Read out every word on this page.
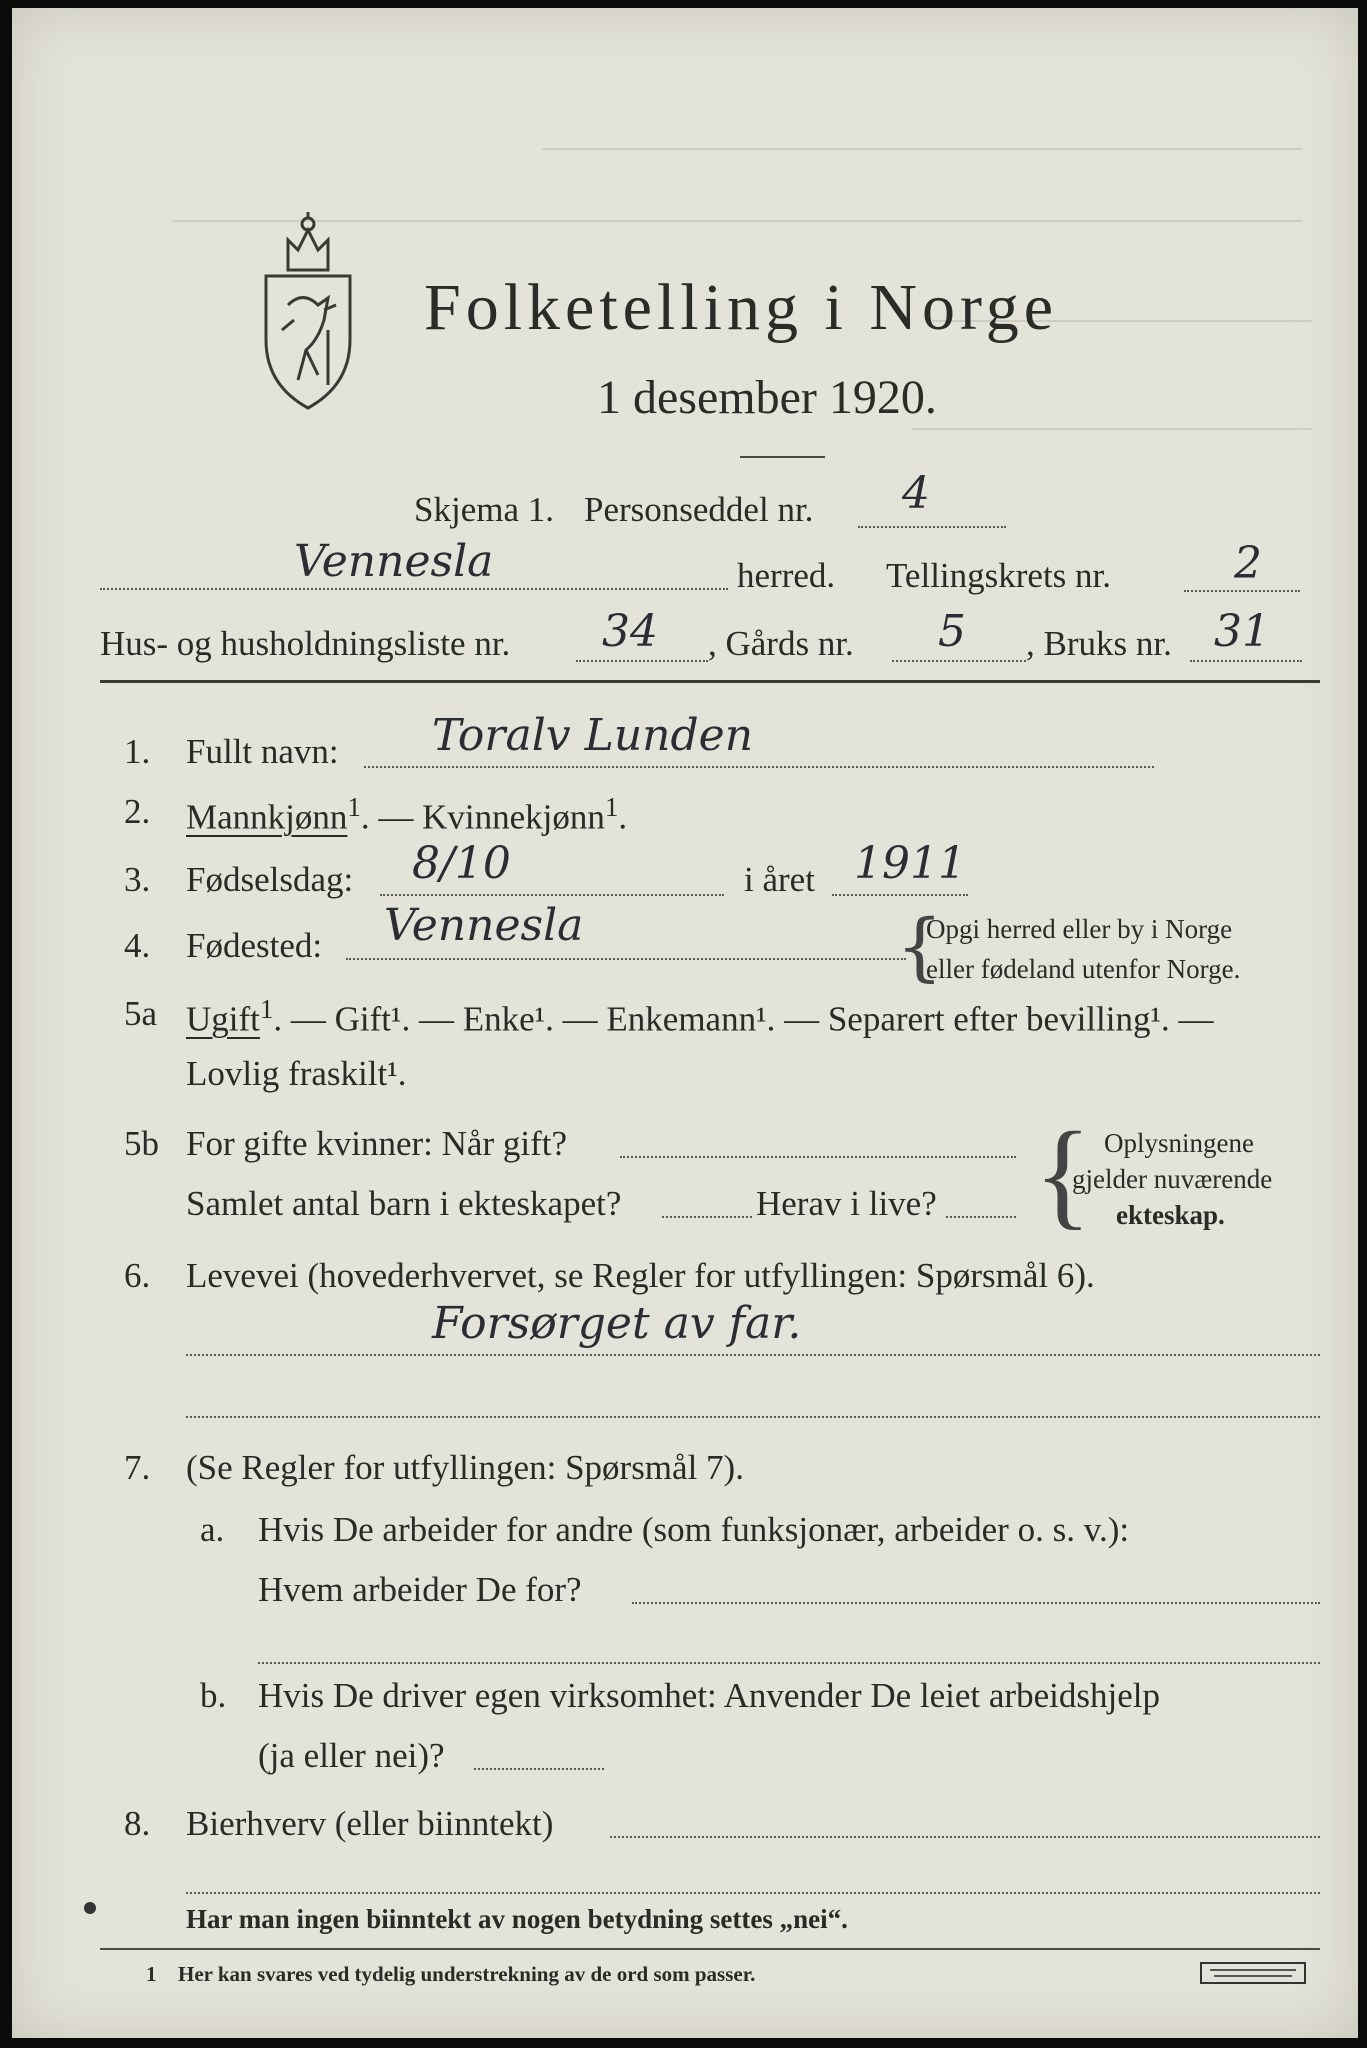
Folketelling i Norge
1 desember 1920.
Skjema 1. Personseddel nr. 4
Vennesla	herred. Tellingskrets nr.	2
Hus- og husholdningsliste nr. 34 , Gårds nr. 5 , Bruks nr. 31
1. Fullt navn: Toralv Lunden
2. Mannkjønn$^1$. — Kvinnekjønn$^1$.
3. Fødselsdag: 8/10	i året 1911
4. Fødested: Vennesla	{
Opgi herred eller by i Norge
eller fødeland utenfor Norge.
5a Ugift$^1$. — Gift¹. — Enke¹. — Enkemann¹. — Separert efter bevilling¹. —
Lovlig fraskilt¹.
5b For gifte kvinner: Når gift?
Samlet antal barn i ekteskapet?	Herav i live? { Oplysningene
gjelder nuværende
ekteskap.
6. Levevei (hovederhvervet, se Regler for utfyllingen: Spørsmål 6).
Forsørget av far.
7. (Se Regler for utfyllingen: Spørsmål 7).
a. Hvis De arbeider for andre (som funksjonær, arbeider o. s. v.):
Hvem arbeider De for?
b. Hvis De driver egen virksomhet: Anvender De leiet arbeidshjelp
(ja eller nei)?
8. Bierhverv (eller biinntekt)
Har man ingen biinntekt av nogen betydning settes „nei“.
1 Her kan svares ved tydelig understrekning av de ord som passer.
